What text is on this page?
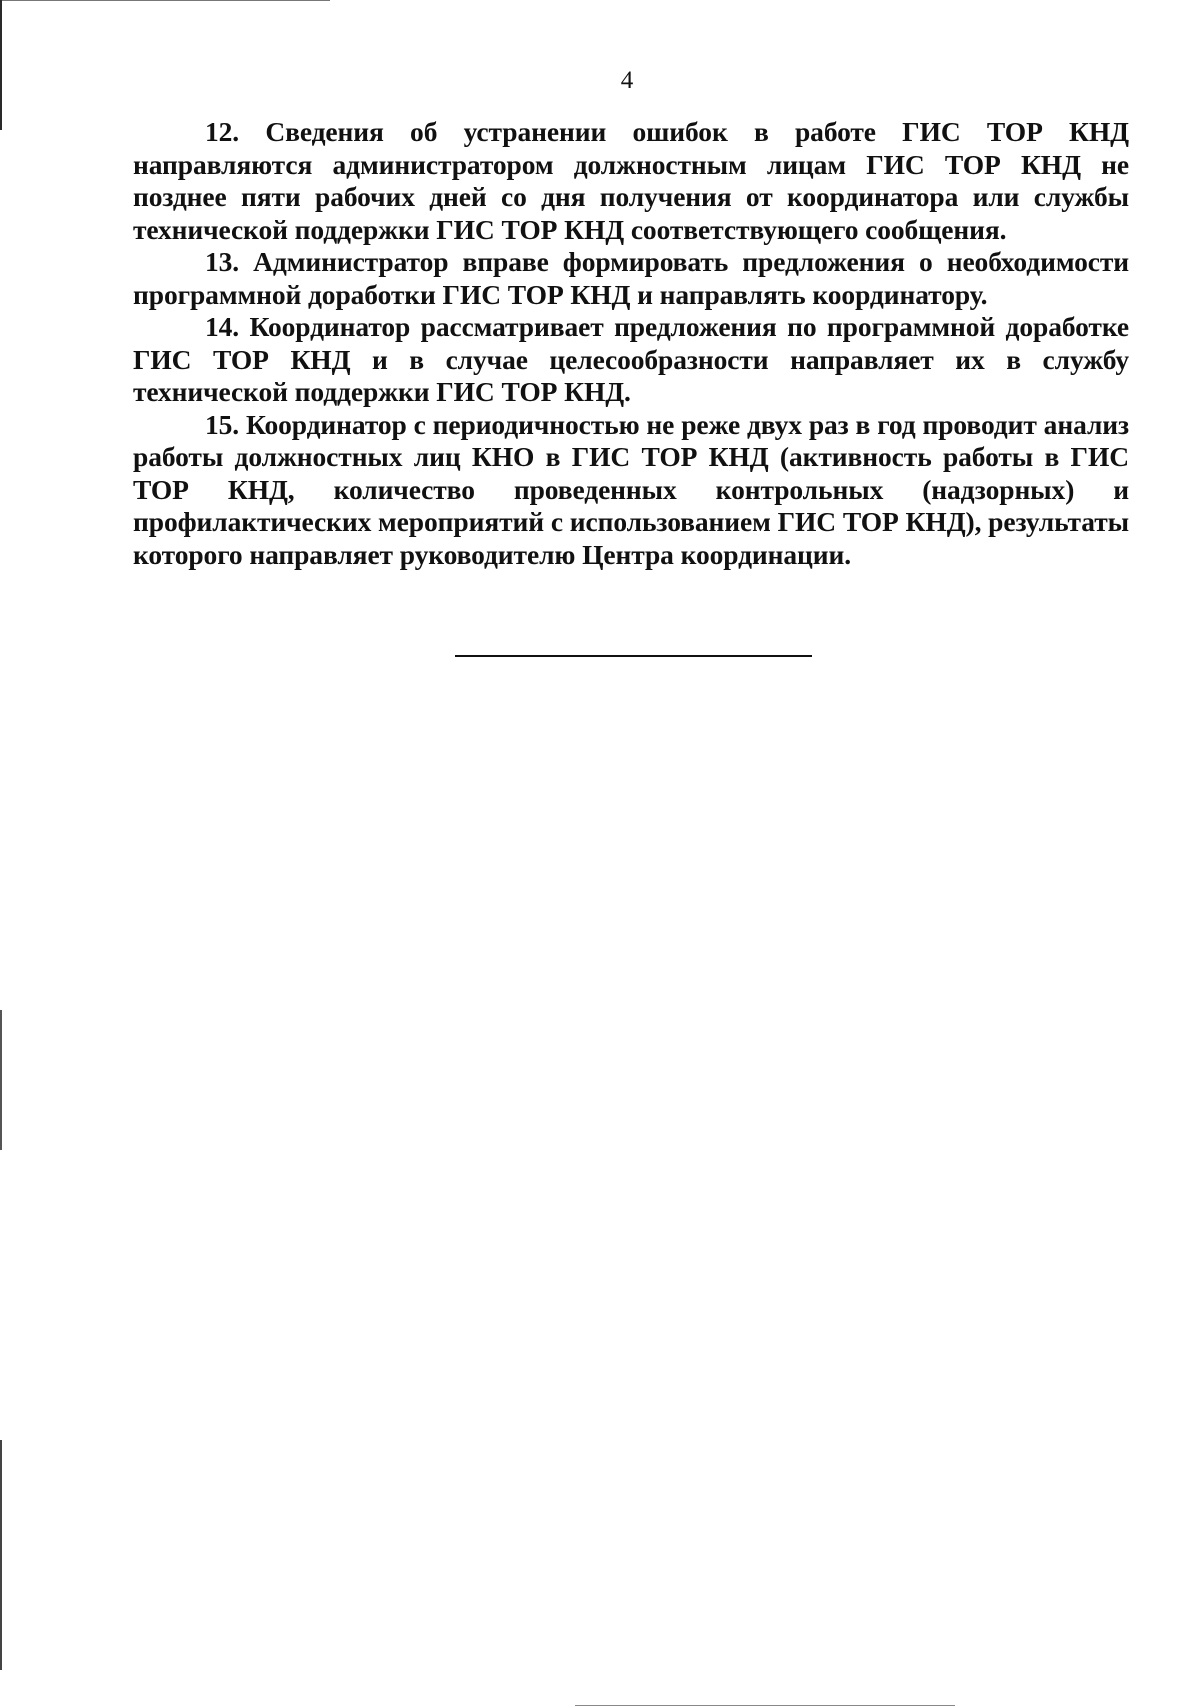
4

12. Сведения об устранении ошибок в работе ГИС ТОР КНД направляются администратором должностным лицам ГИС ТОР КНД не позднее пяти рабочих дней со дня получения от координатора или службы технической поддержки ГИС ТОР КНД соответствующего сообщения.

13. Администратор вправе формировать предложения о необходимости программной доработки ГИС ТОР КНД и направлять координатору.

14. Координатор рассматривает предложения по программной доработке ГИС ТОР КНД и в случае целесообразности направляет их в службу технической поддержки ГИС ТОР КНД.

15. Координатор с периодичностью не реже двух раз в год проводит анализ работы должностных лиц КНО в ГИС ТОР КНД (активность работы в ГИС ТОР КНД, количество проведенных контрольных (надзорных) и профилактических мероприятий с использованием ГИС ТОР КНД), результаты которого направляет руководителю Центра координации.
